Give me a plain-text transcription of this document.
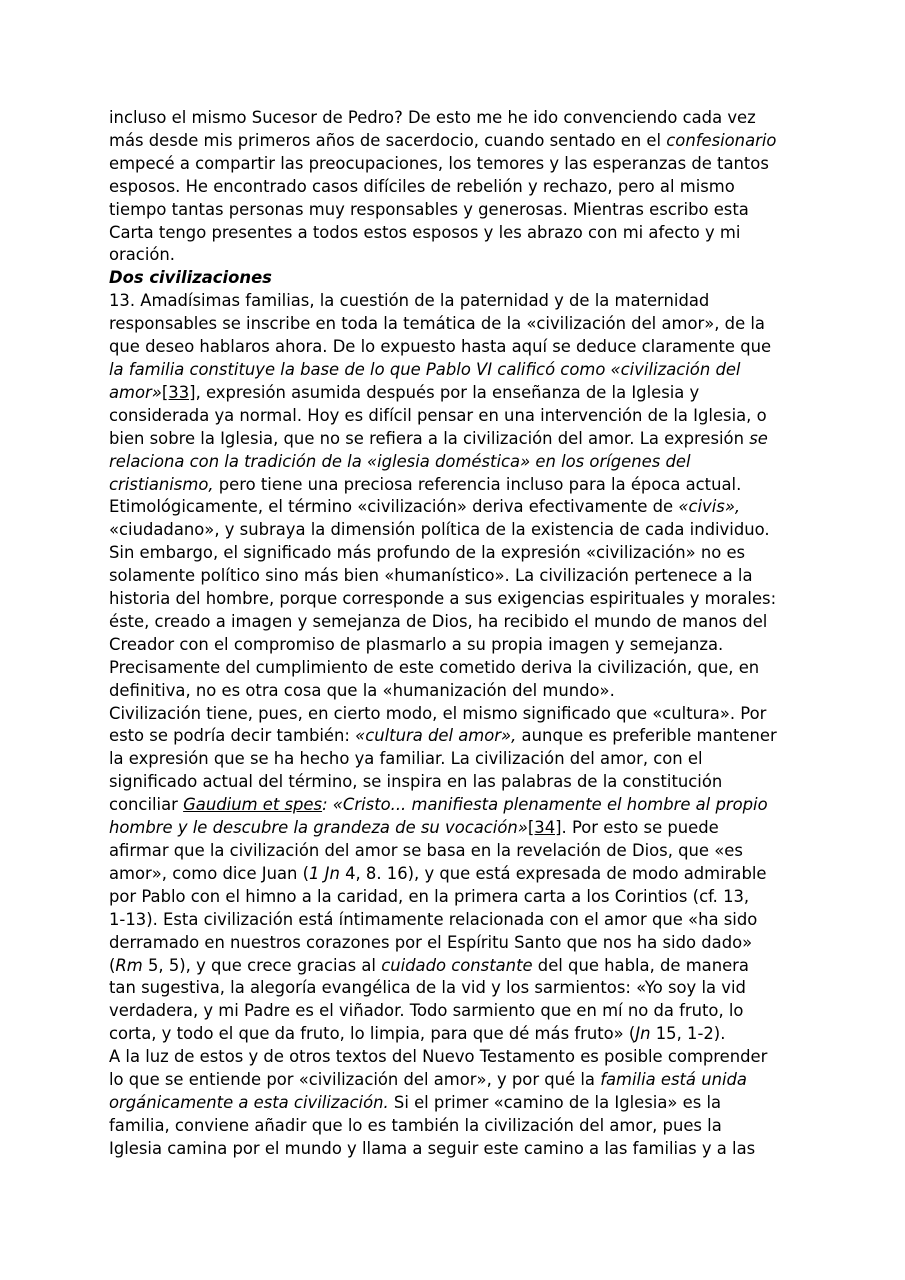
incluso el mismo Sucesor de Pedro? De esto me he ido convenciendo cada vez
más desde mis primeros años de sacerdocio, cuando sentado en el confesionario
empecé a compartir las preocupaciones, los temores y las esperanzas de tantos
esposos. He encontrado casos difíciles de rebelión y rechazo, pero al mismo
tiempo tantas personas muy responsables y generosas. Mientras escribo esta
Carta tengo presentes a todos estos esposos y les abrazo con mi afecto y mi
oración.

Dos civilizaciones

13. Amadísimas familias, la cuestión de la paternidad y de la maternidad
responsables se inscribe en toda la temática de la «civilización del amor», de la
que deseo hablaros ahora. De lo expuesto hasta aquí se deduce claramente que
la familia constituye la base de lo que Pablo VI calificó como «civilización del
amor»[33], expresión asumida después por la enseñanza de la Iglesia y
considerada ya normal. Hoy es difícil pensar en una intervención de la Iglesia, o
bien sobre la Iglesia, que no se refiera a la civilización del amor. La expresión se
relaciona con la tradición de la «iglesia doméstica» en los orígenes del
cristianismo, pero tiene una preciosa referencia incluso para la época actual.
Etimológicamente, el término «civilización» deriva efectivamente de «civis»,
«ciudadano», y subraya la dimensión política de la existencia de cada individuo.
Sin embargo, el significado más profundo de la expresión «civilización» no es
solamente político sino más bien «humanístico». La civilización pertenece a la
historia del hombre, porque corresponde a sus exigencias espirituales y morales:
éste, creado a imagen y semejanza de Dios, ha recibido el mundo de manos del
Creador con el compromiso de plasmarlo a su propia imagen y semejanza.
Precisamente del cumplimiento de este cometido deriva la civilización, que, en
definitiva, no es otra cosa que la «humanización del mundo».

Civilización tiene, pues, en cierto modo, el mismo significado que «cultura». Por
esto se podría decir también: «cultura del amor», aunque es preferible mantener
la expresión que se ha hecho ya familiar. La civilización del amor, con el
significado actual del término, se inspira en las palabras de la constitución
conciliar Gaudium et spes: «Cristo... manifiesta plenamente el hombre al propio
hombre y le descubre la grandeza de su vocación»[34]. Por esto se puede
afirmar que la civilización del amor se basa en la revelación de Dios, que «es
amor», como dice Juan (1 Jn 4, 8. 16), y que está expresada de modo admirable
por Pablo con el himno a la caridad, en la primera carta a los Corintios (cf. 13,
1-13). Esta civilización está íntimamente relacionada con el amor que «ha sido
derramado en nuestros corazones por el Espíritu Santo que nos ha sido dado»
(Rm 5, 5), y que crece gracias al cuidado constante del que habla, de manera
tan sugestiva, la alegoría evangélica de la vid y los sarmientos: «Yo soy la vid
verdadera, y mi Padre es el viñador. Todo sarmiento que en mí no da fruto, lo
corta, y todo el que da fruto, lo limpia, para que dé más fruto» (Jn 15, 1-2).

A la luz de estos y de otros textos del Nuevo Testamento es posible comprender
lo que se entiende por «civilización del amor», y por qué la familia está unida
orgánicamente a esta civilización. Si el primer «camino de la Iglesia» es la
familia, conviene añadir que lo es también la civilización del amor, pues la
Iglesia camina por el mundo y llama a seguir este camino a las familias y a las
